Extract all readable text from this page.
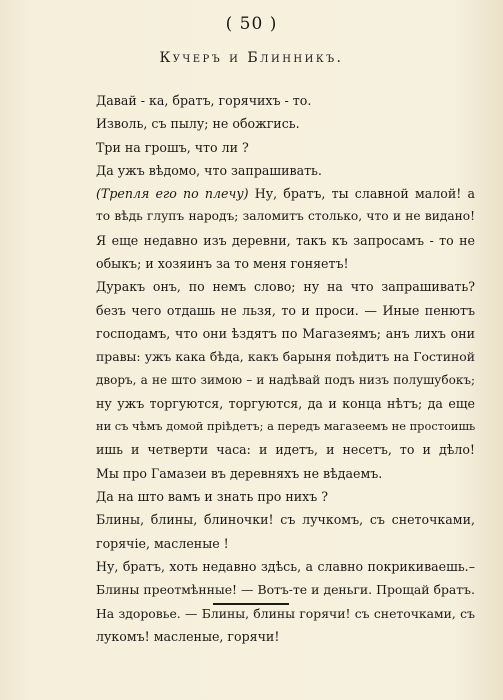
( 50 )
Кучеръ и Блинникъ.
Давай - ка, братъ, горячихъ - то.
Изволь, съ пылу; не обожгись.
Три на грошъ, что ли ?
Да ужъ вѣдомо, что запрашивать.
(Трепля его по плечу) Ну, братъ, ты славной малой! а
то вѣдь глупъ народъ; заломитъ столько, что и не видано!
Я еще недавно изъ деревни, такъ къ запросамъ - то не
обыкъ; и хозяинъ за то меня гоняетъ!
Дуракъ онъ, по немъ слово; ну на что запрашивать?
безъ чего отдашь не льзя, то и проси. — Иные пенютъ
господамъ, что они ѣздятъ по Магазеямъ; анъ лихъ они
правы: ужъ кака бѣда, какъ барыня поѣдитъ на Гостиной
дворъ, а не што зимою – и надѣвай подъ низъ полушубокъ;
ну ужъ торгуются, торгуются, да и конца нѣтъ; да еще
ни съ чѣмъ домой прiѣдетъ; а передъ магазеемъ не простоишь
ишь и четверти часа: и идетъ, и несетъ, то и дѣло!
Мы про Гамазеи въ деревняхъ не вѣдаемъ.
Да на што вамъ и знать про нихъ ?
Блины, блины, блиночки! съ лучкомъ, съ снеточками,
горячiе, масленые !
Ну, братъ, хоть недавно здѣсь, а славно покрикиваешь.–
Блины преотмѣнные! — Вотъ-те и деньги. Прощай братъ.
На здоровье. — Блины, блины горячи! съ снеточками, съ
лукомъ! масленые, горячи!
